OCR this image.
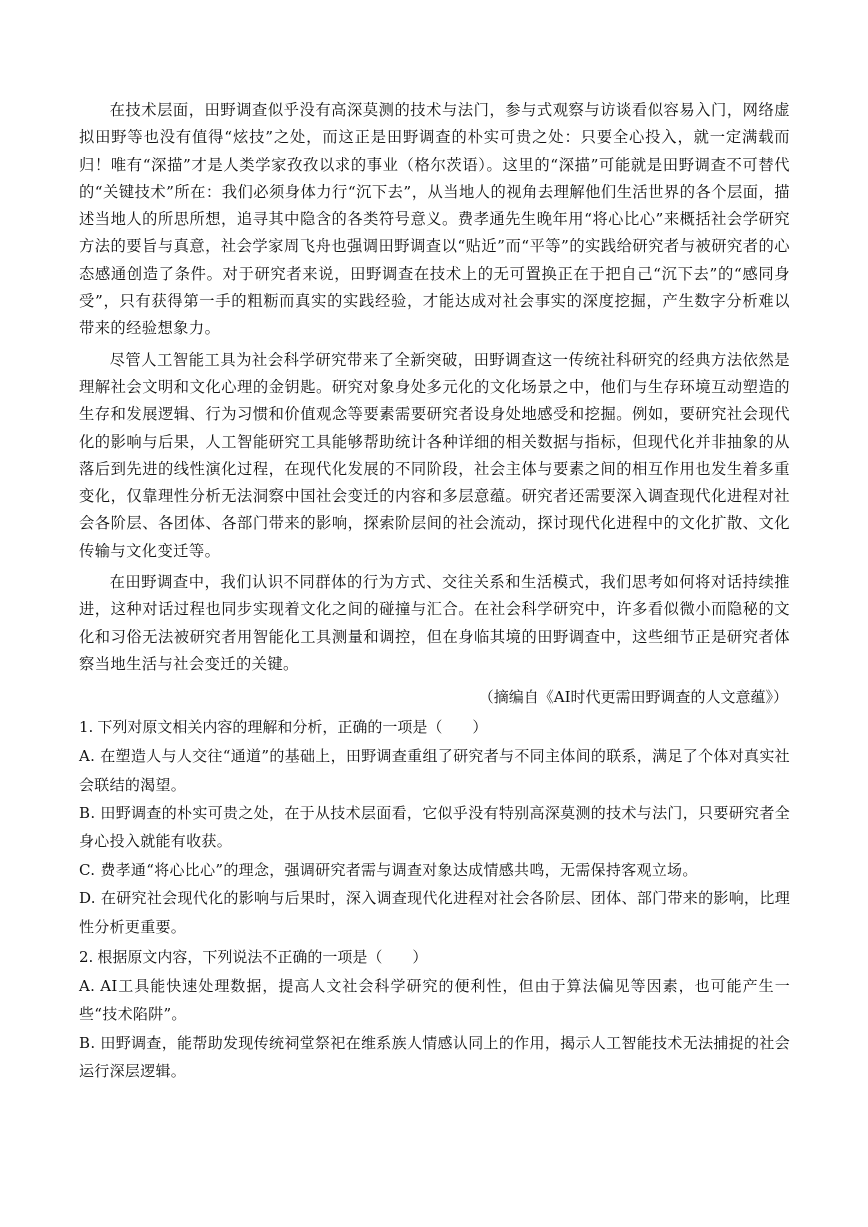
在技术层面，田野调查似乎没有高深莫测的技术与法门，参与式观察与访谈看似容易入门，网络虚拟田野等也没有值得“炫技”之处，而这正是田野调查的朴实可贵之处：只要全心投入，就一定满载而归！唯有“深描”才是人类学家孜孜以求的事业（格尔茨语）。这里的“深描”可能就是田野调查不可替代的“关键技术”所在：我们必须身体力行“沉下去”，从当地人的视角去理解他们生活世界的各个层面，描述当地人的所思所想，追寻其中隐含的各类符号意义。费孝通先生晚年用“将心比心”来概括社会学研究方法的要旨与真意，社会学家周飞舟也强调田野调查以“贴近”而“平等”的实践给研究者与被研究者的心态感通创造了条件。对于研究者来说，田野调查在技术上的无可置换正在于把自己“沉下去”的“感同身受”，只有获得第一手的粗粝而真实的实践经验，才能达成对社会事实的深度挖掘，产生数字分析难以带来的经验想象力。

尽管人工智能工具为社会科学研究带来了全新突破，田野调查这一传统社科研究的经典方法依然是理解社会文明和文化心理的金钥匙。研究对象身处多元化的文化场景之中，他们与生存环境互动塑造的生存和发展逻辑、行为习惯和价值观念等要素需要研究者设身处地感受和挖掘。例如，要研究社会现代化的影响与后果，人工智能研究工具能够帮助统计各种详细的相关数据与指标，但现代化并非抽象的从落后到先进的线性演化过程，在现代化发展的不同阶段，社会主体与要素之间的相互作用也发生着多重变化，仅靠理性分析无法洞察中国社会变迁的内容和多层意蕴。研究者还需要深入调查现代化进程对社会各阶层、各团体、各部门带来的影响，探索阶层间的社会流动，探讨现代化进程中的文化扩散、文化传输与文化变迁等。

在田野调查中，我们认识不同群体的行为方式、交往关系和生活模式，我们思考如何将对话持续推进，这种对话过程也同步实现着文化之间的碰撞与汇合。在社会科学研究中，许多看似微小而隐秘的文化和习俗无法被研究者用智能化工具测量和调控，但在身临其境的田野调查中，这些细节正是研究者体察当地生活与社会变迁的关键。

（摘编自《AI时代更需田野调查的人文意蕴》）

1. 下列对原文相关内容的理解和分析，正确的一项是（　　）

A. 在塑造人与人交往“通道”的基础上，田野调查重组了研究者与不同主体间的联系，满足了个体对真实社会联结的渴望。

B. 田野调查的朴实可贵之处，在于从技术层面看，它似乎没有特别高深莫测的技术与法门，只要研究者全身心投入就能有收获。

C. 费孝通“将心比心”的理念，强调研究者需与调查对象达成情感共鸣，无需保持客观立场。

D. 在研究社会现代化的影响与后果时，深入调查现代化进程对社会各阶层、团体、部门带来的影响，比理性分析更重要。

2. 根据原文内容，下列说法不正确的一项是（　　）

A. AI工具能快速处理数据，提高人文社会科学研究的便利性，但由于算法偏见等因素，也可能产生一些“技术陷阱”。

B. 田野调查，能帮助发现传统祠堂祭祀在维系族人情感认同上的作用，揭示人工智能技术无法捕捉的社会运行深层逻辑。
